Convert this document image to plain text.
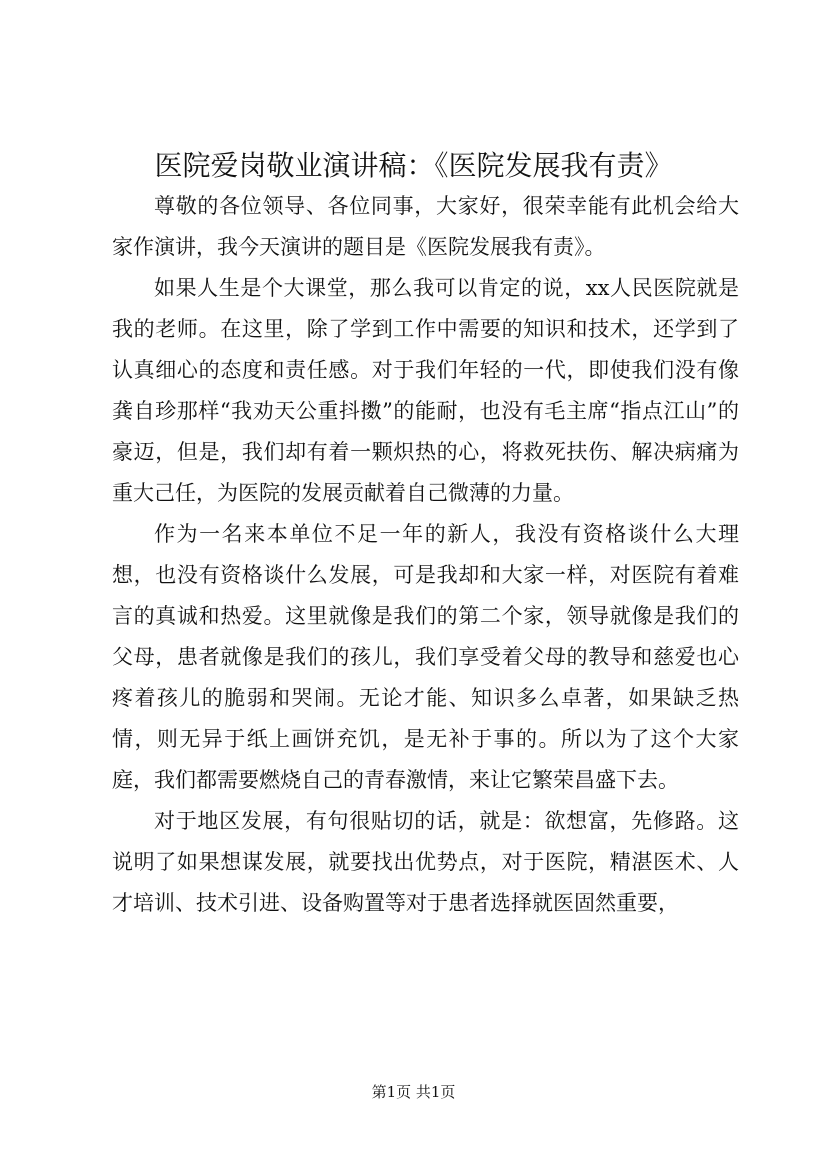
医院爱岗敬业演讲稿：《医院发展我有责》

尊敬的各位领导、各位同事，大家好，很荣幸能有此机会给大家作演讲，我今天演讲的题目是《医院发展我有责》。

如果人生是个大课堂，那么我可以肯定的说，xx人民医院就是我的老师。在这里，除了学到工作中需要的知识和技术，还学到了认真细心的态度和责任感。对于我们年轻的一代，即使我们没有像龚自珍那样“我劝天公重抖擞”的能耐，也没有毛主席“指点江山”的豪迈，但是，我们却有着一颗炽热的心，将救死扶伤、解决病痛为重大己任，为医院的发展贡献着自己微薄的力量。

作为一名来本单位不足一年的新人，我没有资格谈什么大理想，也没有资格谈什么发展，可是我却和大家一样，对医院有着难言的真诚和热爱。这里就像是我们的第二个家，领导就像是我们的父母，患者就像是我们的孩儿，我们享受着父母的教导和慈爱也心疼着孩儿的脆弱和哭闹。无论才能、知识多么卓著，如果缺乏热情，则无异于纸上画饼充饥，是无补于事的。所以为了这个大家庭，我们都需要燃烧自己的青春激情，来让它繁荣昌盛下去。

对于地区发展，有句很贴切的话，就是：欲想富，先修路。这说明了如果想谋发展，就要找出优势点，对于医院，精湛医术、人才培训、技术引进、设备购置等对于患者选择就医固然重要，

第1页 共1页
